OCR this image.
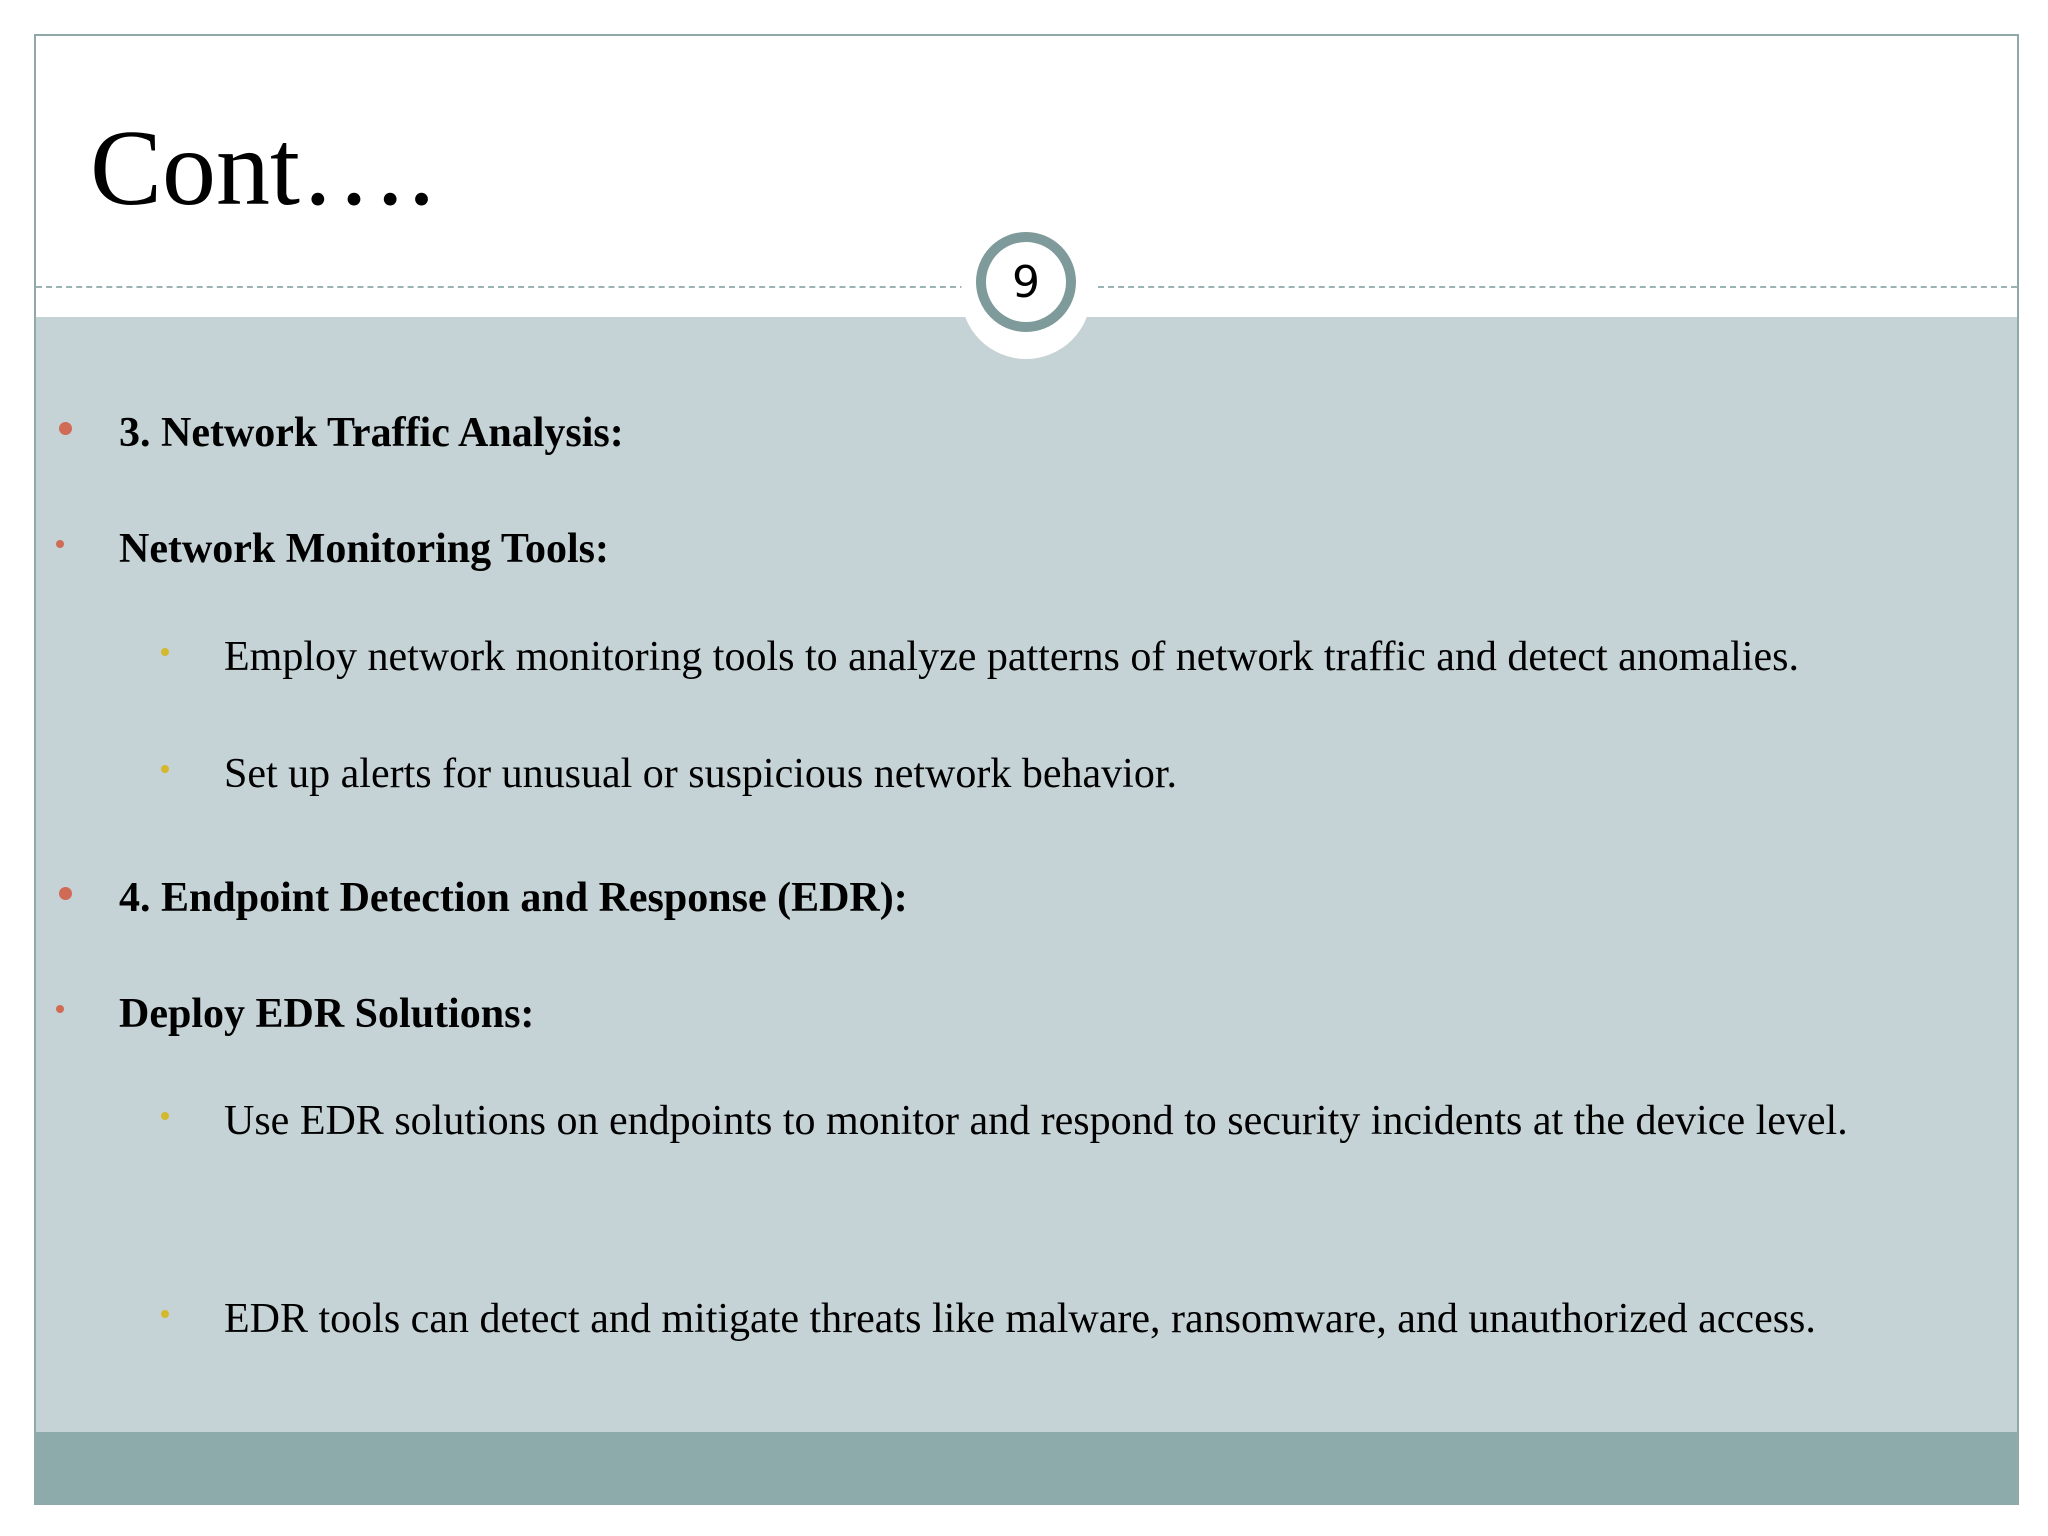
9
Cont….
3. Network Traffic Analysis:
Network Monitoring Tools:
Employ network monitoring tools to analyze patterns of network traffic and detect anomalies.
Set up alerts for unusual or suspicious network behavior.
4. Endpoint Detection and Response (EDR):
Deploy EDR Solutions:
Use EDR solutions on endpoints to monitor and respond to security incidents at the device level.
EDR tools can detect and mitigate threats like malware, ransomware, and unauthorized access.
